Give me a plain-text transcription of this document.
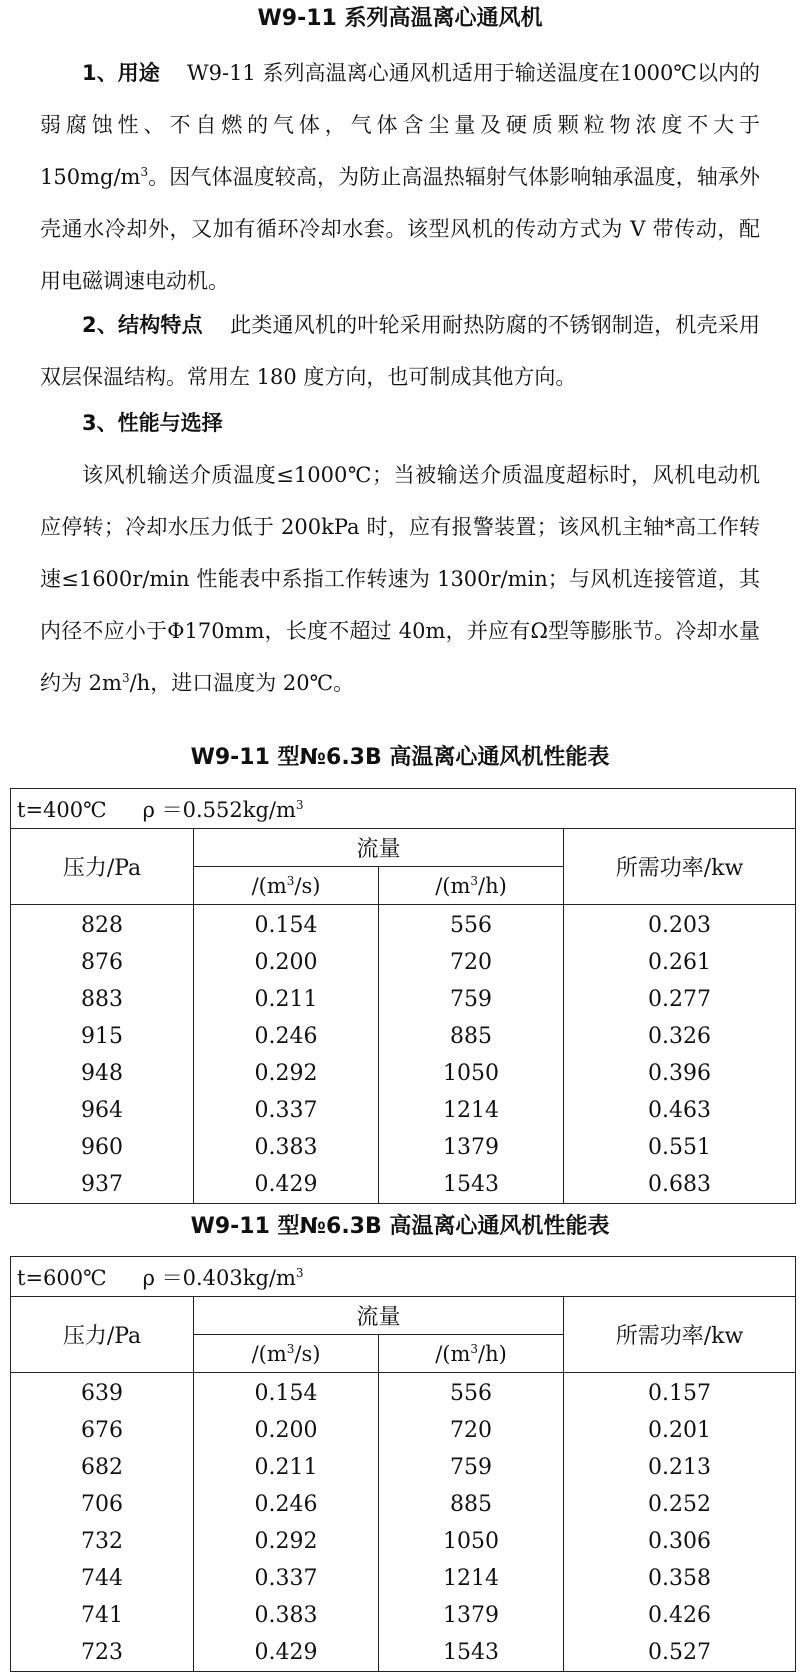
W9-11 系列高温离心通风机

1、用途 W9-11 系列高温离心通风机适用于输送温度在1000℃以内的弱腐蚀性、不自燃的气体，气体含尘量及硬质颗粒物浓度不大于 $150mg/m^3$。因气体温度较高，为防止高温热辐射气体影响轴承温度，轴承外壳通水冷却外，又加有循环冷却水套。该型风机的传动方式为 V 带传动，配用电磁调速电动机。

2、结构特点 此类通风机的叶轮采用耐热防腐的不锈钢制造，机壳采用双层保温结构。常用左 180 度方向，也可制成其他方向。

3、性能与选择

该风机输送介质温度≤1000℃；当被输送介质温度超标时，风机电动机应停转；冷却水压力低于 200kPa 时，应有报警装置；该风机主轴*高工作转速≤1600r/min 性能表中系指工作转速为 1300r/min；与风机连接管道，其内径不应小于Φ170mm，长度不超过 40m，并应有Ω型等膨胀节。冷却水量约为 $2m^3/h$，进口温度为 20℃。

W9-11 型№6.3B 高温离心通风机性能表
t=400℃ $\rho =0.552kg/m^3$
压力/Pa	流量		所需功率/kw
	$/(m^3/s)$	$/(m^3/h)$	
828	0.154	556	0.203
876	0.200	720	0.261
883	0.211	759	0.277
915	0.246	885	0.326
948	0.292	1050	0.396
964	0.337	1214	0.463
960	0.383	1379	0.551
937	0.429	1543	0.683
W9-11 型№6.3B 高温离心通风机性能表
t=600℃ $\rho =0.403kg/m^3$
压力/Pa	流量		所需功率/kw
	$/(m^3/s)$	$/(m^3/h)$	
639	0.154	556	0.157
676	0.200	720	0.201
682	0.211	759	0.213
706	0.246	885	0.252
732	0.292	1050	0.306
744	0.337	1214	0.358
741	0.383	1379	0.426
723	0.429	1543	0.527
